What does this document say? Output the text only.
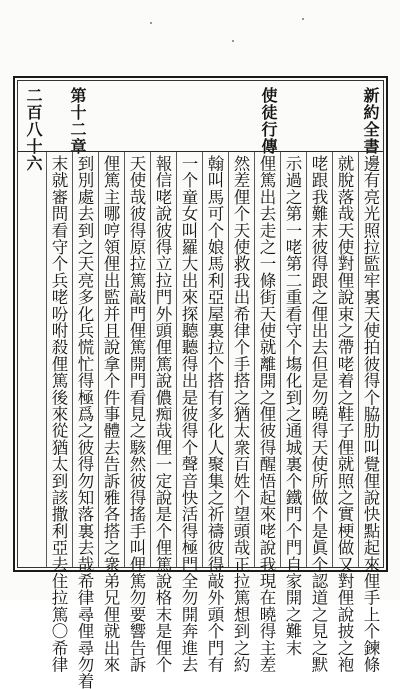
新約全書
使徒行傳
第十二章
二百八十六
邊有亮光照拉監牢裏天使拍彼得个脇肋叫覺俚說快點起來俚手上个鍊條
就脫落哉天使對俚說束之帶咾着之鞋子俚就照之實梗做又對俚說披之袍
咾跟我難末彼得跟之俚出去但是勿曉得天使所做个是眞个認道之見之默
示過之第一咾第二重看守个塲化到之通城裏个鐵門个門自家開之難末
俚篤出去走之一條街天使就離開之俚彼得醒悟起來咾說我現在曉得主差
然差俚个天使救我出希律个手搭之猶太衆百姓个望頭哉正拉篤想到之約
翰叫馬可个娘馬利亞屋裏拉个搭有多化人聚集之祈禱彼得敲外頭个門有
一个童女叫羅大出來探聽聽得出是彼得个聲音快活得極門全勿開奔進去
報信咾說彼得立拉門外頭俚篤說儂痴哉俚一定說是个俚篤說格末是俚个
天使哉彼得原拉篤敲門俚篤開門看見之駭然彼得搖手叫俚篤勿要響告訴
俚篤主哪哼領俚出監并且說拿个件事體去告訴雅各搭之衆弟兄俚就出來
到別處去到之天亮多化兵慌忙得極爲之彼得勿知落裏去哉希律尋俚尋勿着
末就審問看守个兵咾吩咐殺俚篤後來從猶太到該撒利亞去住拉篤〇希律
